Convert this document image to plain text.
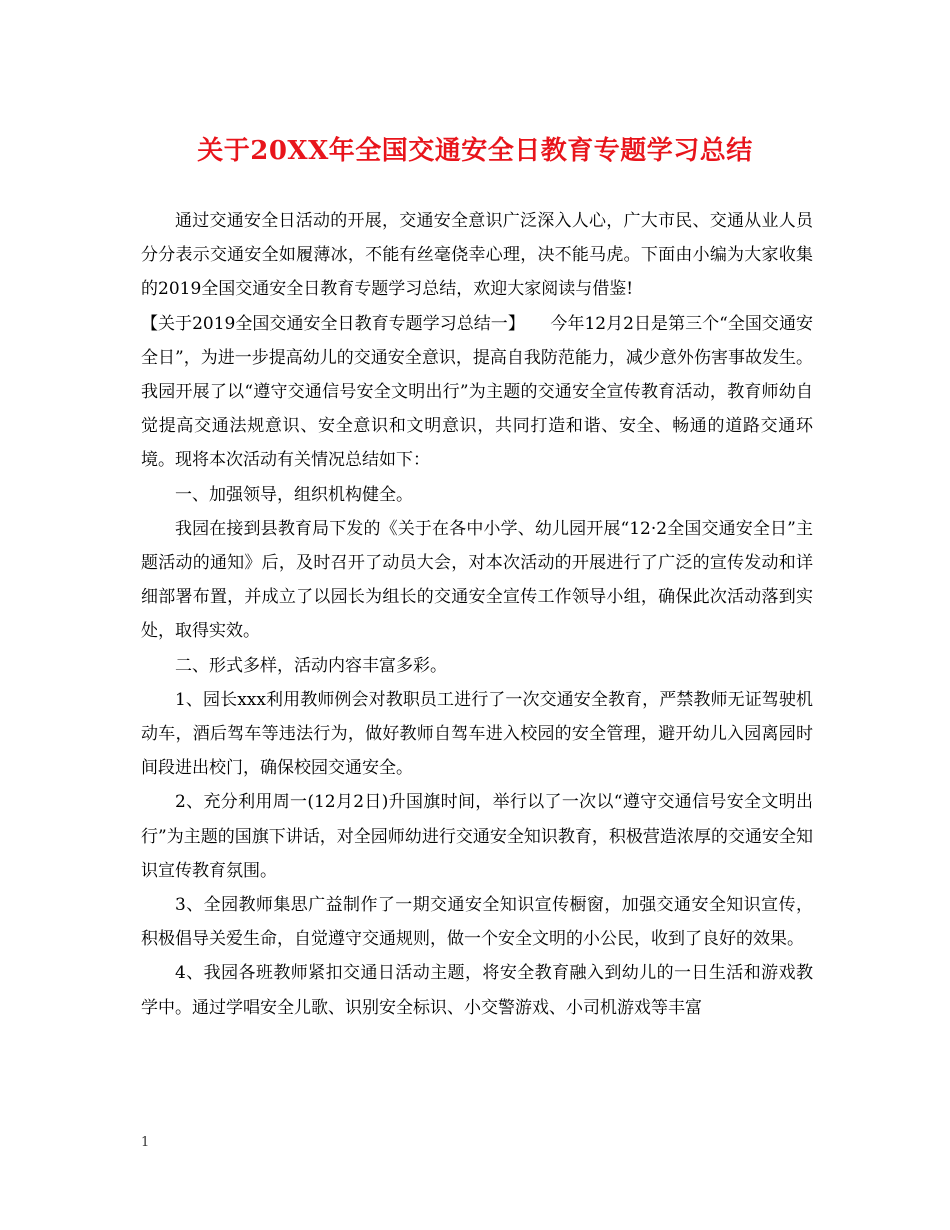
关于20XX年全国交通安全日教育专题学习总结

通过交通安全日活动的开展，交通安全意识广泛深入人心，广大市民、交通从业人员分分表示交通安全如履薄冰，不能有丝毫侥幸心理，决不能马虎。下面由小编为大家收集的2019全国交通安全日教育专题学习总结，欢迎大家阅读与借鉴!

【关于2019全国交通安全日教育专题学习总结一】　　今年12月2日是第三个“全国交通安全日”，为进一步提高幼儿的交通安全意识，提高自我防范能力，减少意外伤害事故发生。我园开展了以“遵守交通信号安全文明出行”为主题的交通安全宣传教育活动，教育师幼自觉提高交通法规意识、安全意识和文明意识，共同打造和谐、安全、畅通的道路交通环境。现将本次活动有关情况总结如下：

一、加强领导，组织机构健全。

我园在接到县教育局下发的《关于在各中小学、幼儿园开展“12·2全国交通安全日”主题活动的通知》后，及时召开了动员大会，对本次活动的开展进行了广泛的宣传发动和详细部署布置，并成立了以园长为组长的交通安全宣传工作领导小组，确保此次活动落到实处，取得实效。

二、形式多样，活动内容丰富多彩。

1、园长xxx利用教师例会对教职员工进行了一次交通安全教育，严禁教师无证驾驶机动车，酒后驾车等违法行为，做好教师自驾车进入校园的安全管理，避开幼儿入园离园时间段进出校门，确保校园交通安全。

2、充分利用周一(12月2日)升国旗时间，举行以了一次以“遵守交通信号安全文明出行”为主题的国旗下讲话，对全园师幼进行交通安全知识教育，积极营造浓厚的交通安全知识宣传教育氛围。

3、全园教师集思广益制作了一期交通安全知识宣传橱窗，加强交通安全知识宣传，积极倡导关爱生命，自觉遵守交通规则，做一个安全文明的小公民，收到了良好的效果。

4、我园各班教师紧扣交通日活动主题，将安全教育融入到幼儿的一日生活和游戏教学中。通过学唱安全儿歌、识别安全标识、小交警游戏、小司机游戏等丰富

1
